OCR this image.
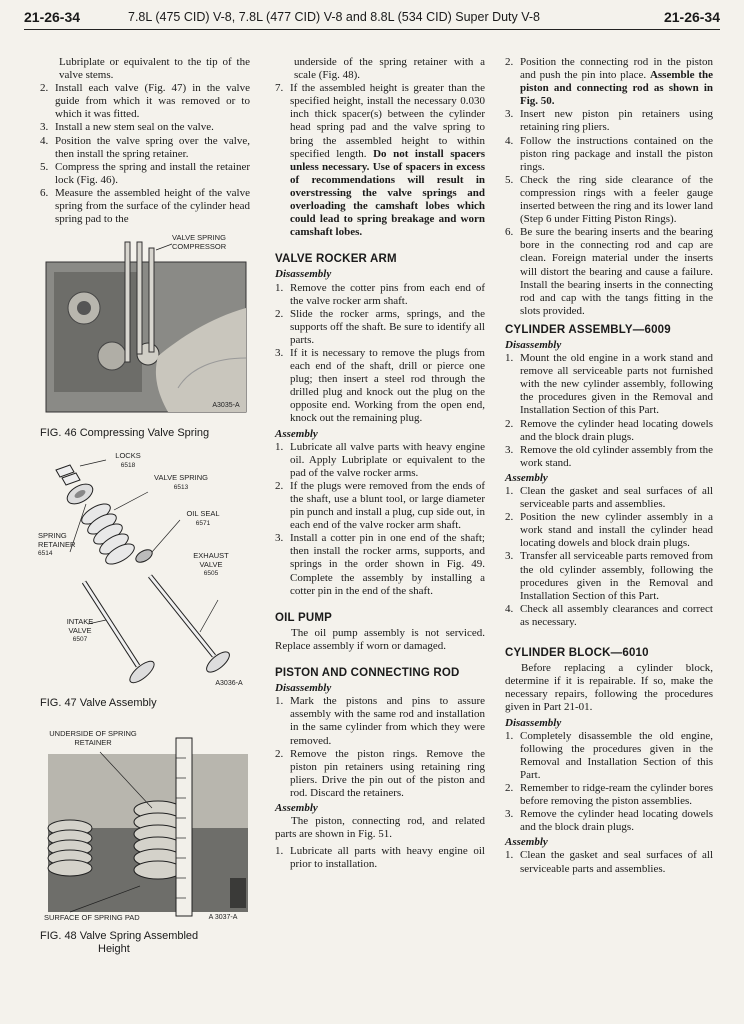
21-26-34	7.8L (475 CID) V-8, 7.8L (477 CID) V-8 and 8.8L (534 CID) Super Duty V-8	21-26-34
Lubriplate or equivalent to the tip of the valve stems.
2. Install each valve (Fig. 47) in the valve guide from which it was removed or to which it was fitted.
3. Install a new stem seal on the valve.
4. Position the valve spring over the valve, then install the spring retainer.
5. Compress the spring and install the retainer lock (Fig. 46).
6. Measure the assembled height of the valve spring from the surface of the cylinder head spring pad to the
VALVE SPRING COMPRESSOR
A3035-A
FIG. 46 Compressing Valve Spring
LOCKS
6518
VALVE SPRING
6513
OIL SEAL
6571
SPRING RETAINER
6514	EXHAUST VALVE
6505
INTAKE VALVE
6507
A3036-A
FIG. 47 Valve Assembly
UNDERSIDE OF SPRING RETAINER
SURFACE OF SPRING PAD	A 3037-A
FIG. 48 Valve Spring Assembled
Height
underside of the spring retainer with a scale (Fig. 48).
7. If the assembled height is greater than the specified height, install the necessary 0.030 inch thick spacer(s) between the cylinder head spring pad and the valve spring to bring the assembled height to within specified length. Do not install spacers unless necessary. Use of spacers in excess of recommendations will result in overstressing the valve springs and overloading the camshaft lobes which could lead to spring breakage and worn camshaft lobes.
VALVE ROCKER ARM
Disassembly
1. Remove the cotter pins from each end of the valve rocker arm shaft.
2. Slide the rocker arms, springs, and the supports off the shaft. Be sure to identify all parts.
3. If it is necessary to remove the plugs from each end of the shaft, drill or pierce one plug; then insert a steel rod through the drilled plug and knock out the plug on the opposite end. Working from the open end, knock out the remaining plug.
Assembly
1. Lubricate all valve parts with heavy engine oil. Apply Lubriplate or equivalent to the pad of the valve rocker arms.
2. If the plugs were removed from the ends of the shaft, use a blunt tool, or large diameter pin punch and install a plug, cup side out, in each end of the valve rocker arm shaft.
3. Install a cotter pin in one end of the shaft; then install the rocker arms, supports, and springs in the order shown in Fig. 49. Complete the assembly by installing a cotter pin in the end of the shaft.
OIL PUMP
The oil pump assembly is not serviced. Replace assembly if worn or damaged.
PISTON AND CONNECTING ROD
Disassembly
1. Mark the pistons and pins to assure assembly with the same rod and installation in the same cylinder from which they were removed.
2. Remove the piston rings. Remove the piston pin retainers using retaining ring pliers. Drive the pin out of the piston and rod. Discard the retainers.
Assembly
The piston, connecting rod, and related parts are shown in Fig. 51.
1. Lubricate all parts with heavy engine oil prior to installation.
2. Position the connecting rod in the piston and push the pin into place. Assemble the piston and connecting rod as shown in Fig. 50.
3. Insert new piston pin retainers using retaining ring pliers.
4. Follow the instructions contained on the piston ring package and install the piston rings.
5. Check the ring side clearance of the compression rings with a feeler gauge inserted between the ring and its lower land (Step 6 under Fitting Piston Rings).
6. Be sure the bearing inserts and the bearing bore in the connecting rod and cap are clean. Foreign material under the inserts will distort the bearing and cause a failure. Install the bearing inserts in the connecting rod and cap with the tangs fitting in the slots provided.
CYLINDER ASSEMBLY—6009
Disassembly
1. Mount the old engine in a work stand and remove all serviceable parts not furnished with the new cylinder assembly, following the procedures given in the Removal and Installation Section of this Part.
2. Remove the cylinder head locating dowels and the block drain plugs.
3. Remove the old cylinder assembly from the work stand.
Assembly
1. Clean the gasket and seal surfaces of all serviceable parts and assemblies.
2. Position the new cylinder assembly in a work stand and install the cylinder head locating dowels and block drain plugs.
3. Transfer all serviceable parts removed from the old cylinder assembly, following the procedures given in the Removal and Installation Section of this Part.
4. Check all assembly clearances and correct as necessary.
CYLINDER BLOCK—6010
Before replacing a cylinder block, determine if it is repairable. If so, make the necessary repairs, following the procedures given in Part 21-01.
Disassembly
1. Completely disassemble the old engine, following the procedures given in the Removal and Installation Section of this Part.
2. Remember to ridge-ream the cylinder bores before removing the piston assemblies.
3. Remove the cylinder head locating dowels and the block drain plugs.
Assembly
1. Clean the gasket and seal surfaces of all serviceable parts and assemblies.
